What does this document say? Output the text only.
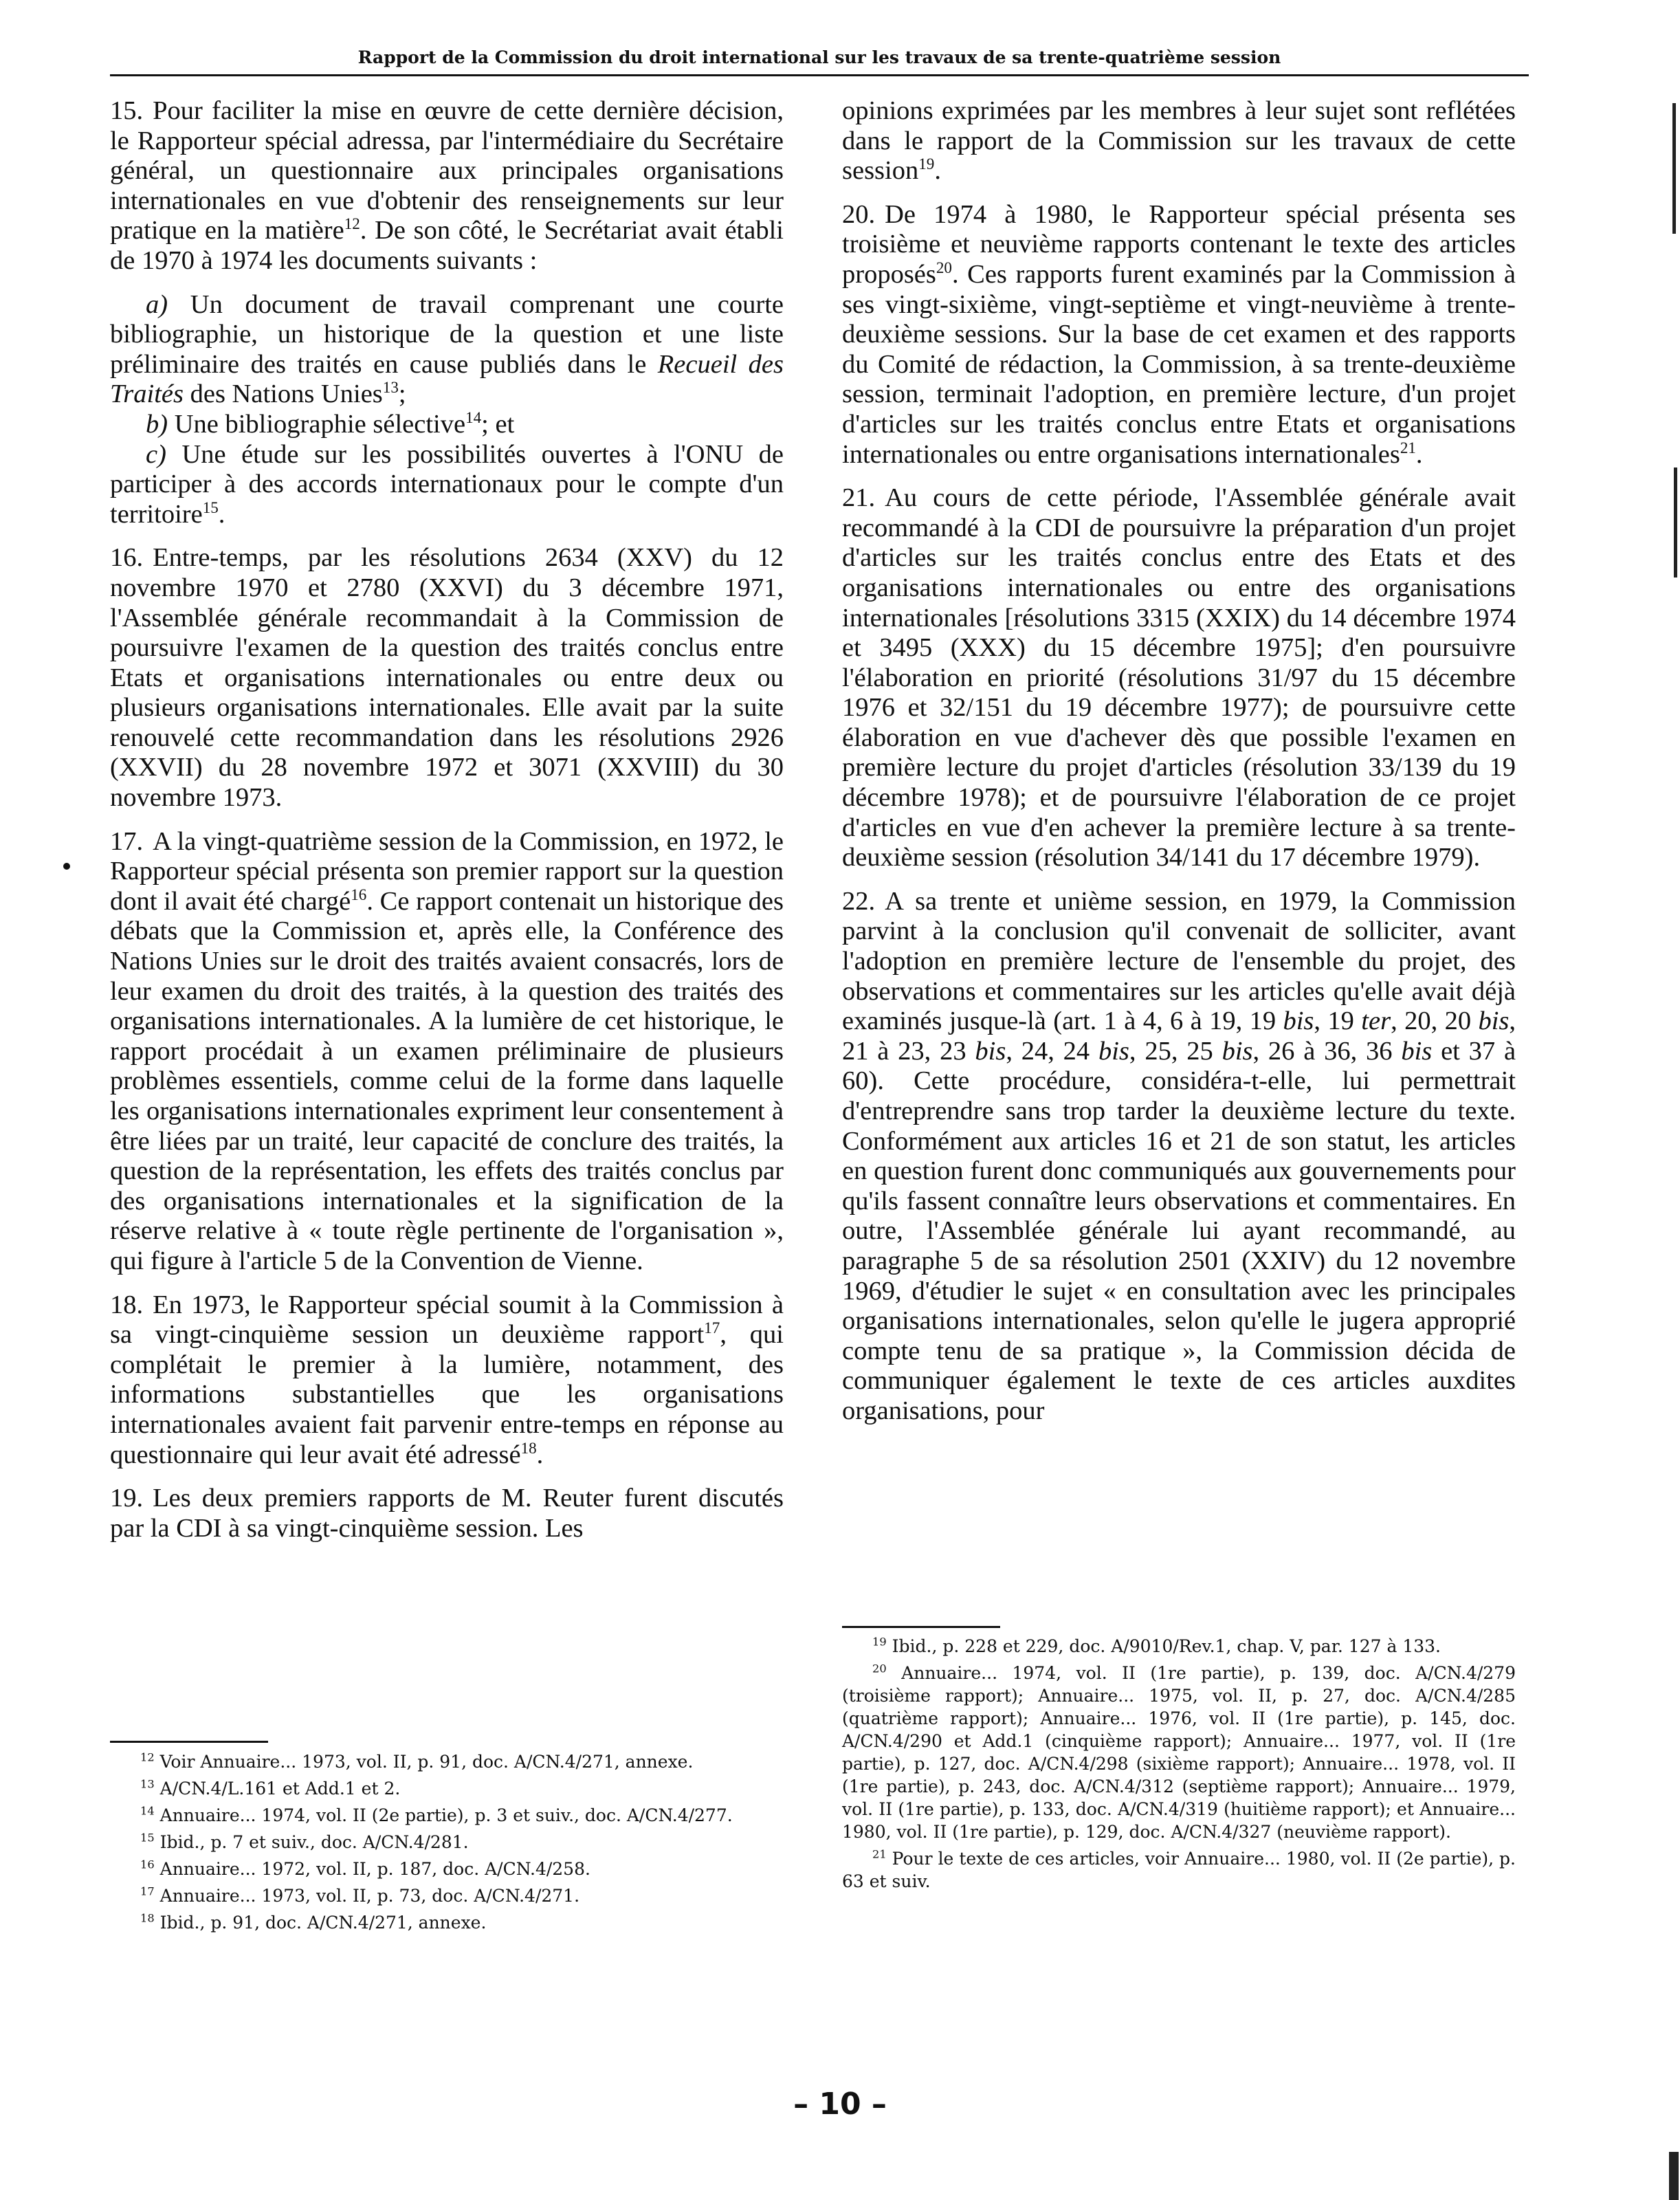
Rapport de la Commission du droit international sur les travaux de sa trente-quatrième session

15. Pour faciliter la mise en œuvre de cette dernière décision, le Rapporteur spécial adressa, par l'intermédiaire du Secrétaire général, un questionnaire aux principales organisations internationales en vue d'obtenir des renseignements sur leur pratique en la matière$^{12}$. De son côté, le Secrétariat avait établi de 1970 à 1974 les documents suivants :

a) Un document de travail comprenant une courte bibliographie, un historique de la question et une liste préliminaire des traités en cause publiés dans le Recueil des Traités des Nations Unies$^{13}$;

b) Une bibliographie sélective$^{14}$; et

c) Une étude sur les possibilités ouvertes à l'ONU de participer à des accords internationaux pour le compte d'un territoire$^{15}$.

16. Entre-temps, par les résolutions 2634 (XXV) du 12 novembre 1970 et 2780 (XXVI) du 3 décembre 1971, l'Assemblée générale recommandait à la Commission de poursuivre l'examen de la question des traités conclus entre Etats et organisations internationales ou entre deux ou plusieurs organisations internationales. Elle avait par la suite renouvelé cette recommandation dans les résolutions 2926 (XXVII) du 28 novembre 1972 et 3071 (XXVIII) du 30 novembre 1973.

17. A la vingt-quatrième session de la Commission, en 1972, le Rapporteur spécial présenta son premier rapport sur la question dont il avait été chargé$^{16}$. Ce rapport contenait un historique des débats que la Commission et, après elle, la Conférence des Nations Unies sur le droit des traités avaient consacrés, lors de leur examen du droit des traités, à la question des traités des organisations internationales. A la lumière de cet historique, le rapport procédait à un examen préliminaire de plusieurs problèmes essentiels, comme celui de la forme dans laquelle les organisations internationales expriment leur consentement à être liées par un traité, leur capacité de conclure des traités, la question de la représentation, les effets des traités conclus par des organisations internationales et la signification de la réserve relative à « toute règle pertinente de l'organisation », qui figure à l'article 5 de la Convention de Vienne.

18. En 1973, le Rapporteur spécial soumit à la Commission à sa vingt-cinquième session un deuxième rapport$^{17}$, qui complétait le premier à la lumière, notamment, des informations substantielles que les organisations internationales avaient fait parvenir entre-temps en réponse au questionnaire qui leur avait été adressé$^{18}$.

19. Les deux premiers rapports de M. Reuter furent discutés par la CDI à sa vingt-cinquième session. Les

opinions exprimées par les membres à leur sujet sont reflétées dans le rapport de la Commission sur les travaux de cette session$^{19}$.

20. De 1974 à 1980, le Rapporteur spécial présenta ses troisième et neuvième rapports contenant le texte des articles proposés$^{20}$. Ces rapports furent examinés par la Commission à ses vingt-sixième, vingt-septième et vingt-neuvième à trente-deuxième sessions. Sur la base de cet examen et des rapports du Comité de rédaction, la Commission, à sa trente-deuxième session, terminait l'adoption, en première lecture, d'un projet d'articles sur les traités conclus entre Etats et organisations internationales ou entre organisations internationales$^{21}$.

21. Au cours de cette période, l'Assemblée générale avait recommandé à la CDI de poursuivre la préparation d'un projet d'articles sur les traités conclus entre des Etats et des organisations internationales ou entre des organisations internationales [résolutions 3315 (XXIX) du 14 décembre 1974 et 3495 (XXX) du 15 décembre 1975]; d'en poursuivre l'élaboration en priorité (résolutions 31/97 du 15 décembre 1976 et 32/151 du 19 décembre 1977); de poursuivre cette élaboration en vue d'achever dès que possible l'examen en première lecture du projet d'articles (résolution 33/139 du 19 décembre 1978); et de poursuivre l'élaboration de ce projet d'articles en vue d'en achever la première lecture à sa trente-deuxième session (résolution 34/141 du 17 décembre 1979).

22. A sa trente et unième session, en 1979, la Commission parvint à la conclusion qu'il convenait de solliciter, avant l'adoption en première lecture de l'ensemble du projet, des observations et commentaires sur les articles qu'elle avait déjà examinés jusque-là (art. 1 à 4, 6 à 19, 19 bis, 19 ter, 20, 20 bis, 21 à 23, 23 bis, 24, 24 bis, 25, 25 bis, 26 à 36, 36 bis et 37 à 60). Cette procédure, considéra-t-elle, lui permettrait d'entreprendre sans trop tarder la deuxième lecture du texte. Conformément aux articles 16 et 21 de son statut, les articles en question furent donc communiqués aux gouvernements pour qu'ils fassent connaître leurs observations et commentaires. En outre, l'Assemblée générale lui ayant recommandé, au paragraphe 5 de sa résolution 2501 (XXIV) du 12 novembre 1969, d'étudier le sujet « en consultation avec les principales organisations internationales, selon qu'elle le jugera approprié compte tenu de sa pratique », la Commission décida de communiquer également le texte de ces articles auxdites organisations, pour

$^{12}$ Voir Annuaire... 1973, vol. II, p. 91, doc. A/CN.4/271, annexe.

$^{13}$ A/CN.4/L.161 et Add.1 et 2.

$^{14}$ Annuaire... 1974, vol. II (2e partie), p. 3 et suiv., doc. A/CN.4/277.

$^{15}$ Ibid., p. 7 et suiv., doc. A/CN.4/281.

$^{16}$ Annuaire... 1972, vol. II, p. 187, doc. A/CN.4/258.

$^{17}$ Annuaire... 1973, vol. II, p. 73, doc. A/CN.4/271.

$^{18}$ Ibid., p. 91, doc. A/CN.4/271, annexe.

$^{19}$ Ibid., p. 228 et 229, doc. A/9010/Rev.1, chap. V, par. 127 à 133.

$^{20}$ Annuaire... 1974, vol. II (1re partie), p. 139, doc. A/CN.4/279 (troisième rapport); Annuaire... 1975, vol. II, p. 27, doc. A/CN.4/285 (quatrième rapport); Annuaire... 1976, vol. II (1re partie), p. 145, doc. A/CN.4/290 et Add.1 (cinquième rapport); Annuaire... 1977, vol. II (1re partie), p. 127, doc. A/CN.4/298 (sixième rapport); Annuaire... 1978, vol. II (1re partie), p. 243, doc. A/CN.4/312 (septième rapport); Annuaire... 1979, vol. II (1re partie), p. 133, doc. A/CN.4/319 (huitième rapport); et Annuaire... 1980, vol. II (1re partie), p. 129, doc. A/CN.4/327 (neuvième rapport).

$^{21}$ Pour le texte de ces articles, voir Annuaire... 1980, vol. II (2e partie), p. 63 et suiv.

– 10 –
